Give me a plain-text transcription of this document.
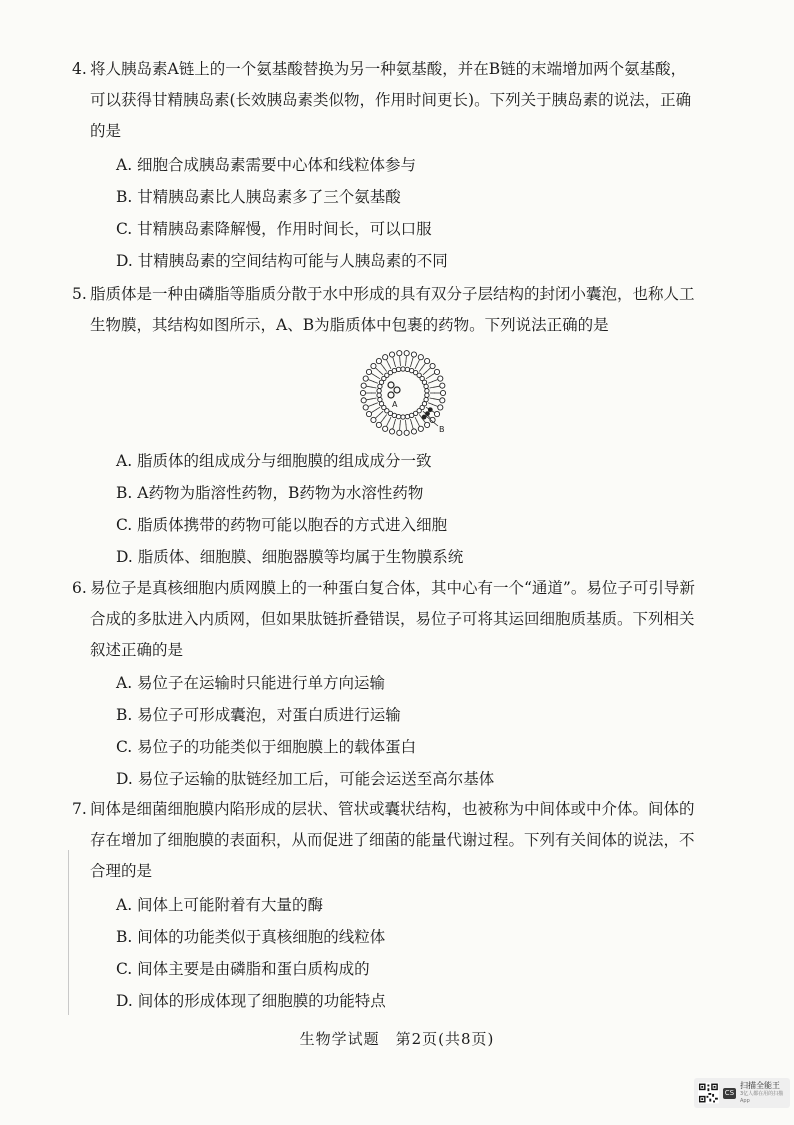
4. 将人胰岛素A链上的一个氨基酸替换为另一种氨基酸，并在B链的末端增加两个氨基酸，
可以获得甘精胰岛素(长效胰岛素类似物，作用时间更长)。下列关于胰岛素的说法，正确
的是
A. 细胞合成胰岛素需要中心体和线粒体参与
B. 甘精胰岛素比人胰岛素多了三个氨基酸
C. 甘精胰岛素降解慢，作用时间长，可以口服
D. 甘精胰岛素的空间结构可能与人胰岛素的不同
5. 脂质体是一种由磷脂等脂质分散于水中形成的具有双分子层结构的封闭小囊泡，也称人工
生物膜，其结构如图所示，A、B为脂质体中包裹的药物。下列说法正确的是
A
B
A. 脂质体的组成成分与细胞膜的组成成分一致
B. A药物为脂溶性药物，B药物为水溶性药物
C. 脂质体携带的药物可能以胞吞的方式进入细胞
D. 脂质体、细胞膜、细胞器膜等均属于生物膜系统
6. 易位子是真核细胞内质网膜上的一种蛋白复合体，其中心有一个“通道”。易位子可引导新
合成的多肽进入内质网，但如果肽链折叠错误，易位子可将其运回细胞质基质。下列相关
叙述正确的是
A. 易位子在运输时只能进行单方向运输
B. 易位子可形成囊泡，对蛋白质进行运输
C. 易位子的功能类似于细胞膜上的载体蛋白
D. 易位子运输的肽链经加工后，可能会运送至高尔基体
7. 间体是细菌细胞膜内陷形成的层状、管状或囊状结构，也被称为中间体或中介体。间体的
存在增加了细胞膜的表面积，从而促进了细菌的能量代谢过程。下列有关间体的说法，不
合理的是
A. 间体上可能附着有大量的酶
B. 间体的功能类似于真核细胞的线粒体
C. 间体主要是由磷脂和蛋白质构成的
D. 间体的形成体现了细胞膜的功能特点
生物学试题　第2页(共8页)
CS
扫描全能王
3亿人都在用的扫描App
